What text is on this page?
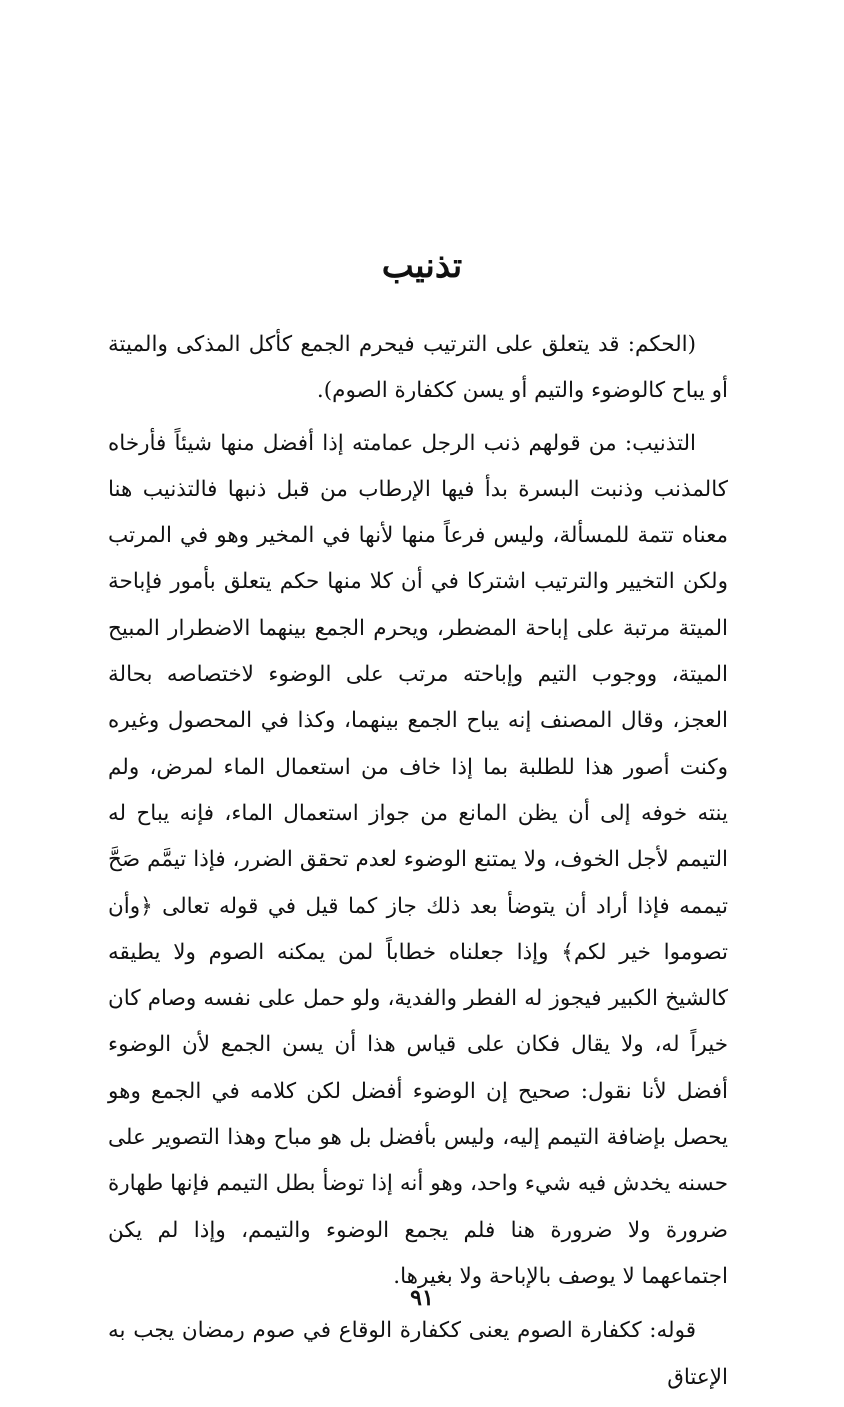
تذنيب

(الحكم: قد يتعلق على الترتيب فيحرم الجمع كأكل المذكى والميتة أو يباح كالوضوء والتيم أو يسن ككفارة الصوم).

التذنيب: من قولهم ذنب الرجل عمامته إذا أفضل منها شيئاً فأرخاه كالمذنب وذنبت البسرة بدأ فيها الإرطاب من قبل ذنبها فالتذنيب هنا معناه تتمة للمسألة، وليس فرعاً منها لأنها في المخير وهو في المرتب ولكن التخيير والترتيب اشتركا في أن كلا منها حكم يتعلق بأمور فإباحة الميتة مرتبة على إباحة المضطر، ويحرم الجمع بينهما الاضطرار المبيح الميتة، ووجوب التيم وإباحته مرتب على الوضوء لاختصاصه بحالة العجز، وقال المصنف إنه يباح الجمع بينهما، وكذا في المحصول وغيره وكنت أصور هذا للطلبة بما إذا خاف من استعمال الماء لمرض، ولم ينته خوفه إلى أن يظن المانع من جواز استعمال الماء، فإنه يباح له التيمم لأجل الخوف، ولا يمتنع الوضوء لعدم تحقق الضرر، فإذا تيمَّم صَحَّ تيممه فإذا أراد أن يتوضأ بعد ذلك جاز كما قيل في قوله تعالى ﴿وأن تصوموا خير لكم﴾ وإذا جعلناه خطاباً لمن يمكنه الصوم ولا يطيقه كالشيخ الكبير فيجوز له الفطر والفدية، ولو حمل على نفسه وصام كان خيراً له، ولا يقال فكان على قياس هذا أن يسن الجمع لأن الوضوء أفضل لأنا نقول: صحيح إن الوضوء أفضل لكن كلامه في الجمع وهو يحصل بإضافة التيمم إليه، وليس بأفضل بل هو مباح وهذا التصوير على حسنه يخدش فيه شيء واحد، وهو أنه إذا توضأ بطل التيمم فإنها طهارة ضرورة ولا ضرورة هنا فلم يجمع الوضوء والتيمم، وإذا لم يكن اجتماعهما لا يوصف بالإباحة ولا بغيرها.

قوله: ككفارة الصوم يعنى ككفارة الوقاع في صوم رمضان يجب به الإعتاق

٩١
